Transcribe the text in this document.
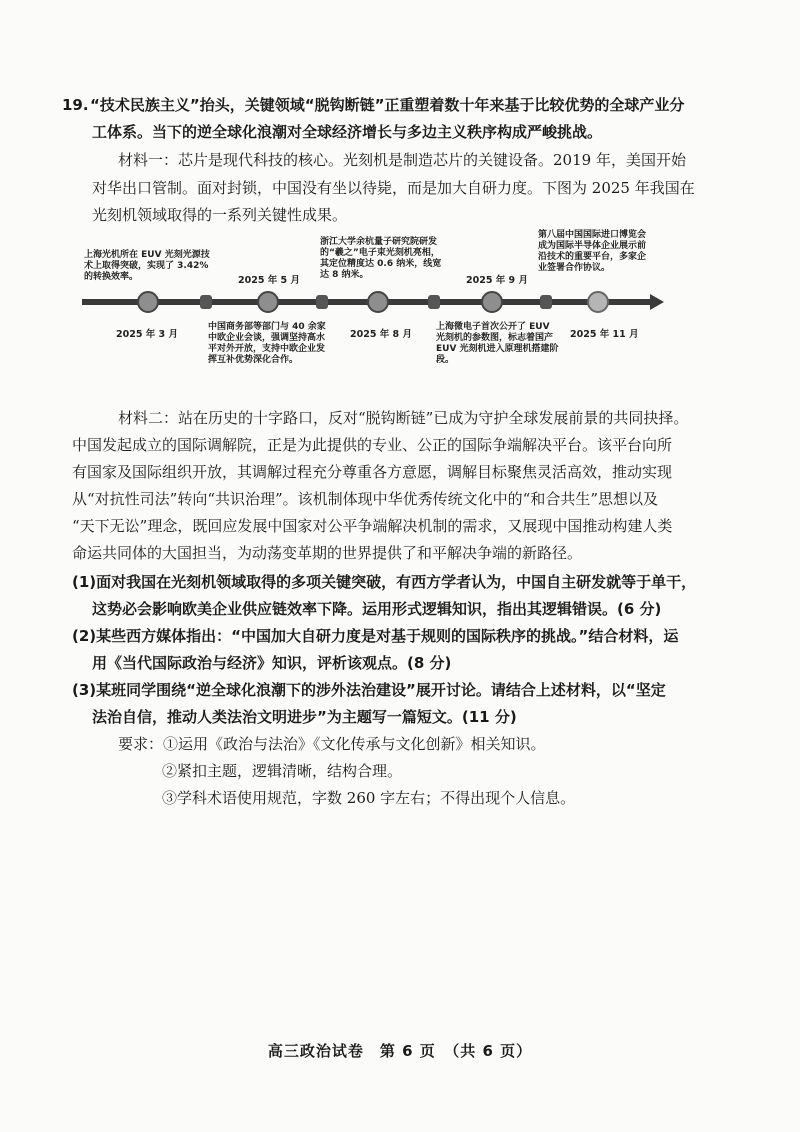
19. “技术民族主义”抬头，关键领域“脱钩断链”正重塑着数十年来基于比较优势的全球产业分
工体系。当下的逆全球化浪潮对全球经济增长与多边主义秩序构成严峻挑战。
材料一：芯片是现代科技的核心。光刻机是制造芯片的关键设备。2019 年，美国开始
对华出口管制。面对封锁，中国没有坐以待毙，而是加大自研力度。下图为 2025 年我国在
光刻机领域取得的一系列关键性成果。
上海光机所在 EUV 光刻光源技术上取得突破，实现了 3.42% 的转换效率。
浙江大学余杭量子研究院研发的“羲之”电子束光刻机亮相，其定位精度达 0.6 纳米，线宽达 8 纳米。
第八届中国国际进口博览会成为国际半导体企业展示前沿技术的重要平台，多家企业签署合作协议。
2025 年 5 月	2025 年 9 月
2025 年 3 月	2025 年 8 月	2025 年 11 月
中国商务部等部门与 40 余家中欧企业会谈，强调坚持高水平对外开放，支持中欧企业发挥互补优势深化合作。
上海微电子首次公开了 EUV 光刻机的参数图，标志着国产 EUV 光刻机进入原理机搭建阶段。
材料二：站在历史的十字路口，反对“脱钩断链”已成为守护全球发展前景的共同抉择。
中国发起成立的国际调解院，正是为此提供的专业、公正的国际争端解决平台。该平台向所
有国家及国际组织开放，其调解过程充分尊重各方意愿，调解目标聚焦灵活高效，推动实现
从“对抗性司法”转向“共识治理”。该机制体现中华优秀传统文化中的“和合共生”思想以及
“天下无讼”理念，既回应发展中国家对公平争端解决机制的需求，又展现中国推动构建人类
命运共同体的大国担当，为动荡变革期的世界提供了和平解决争端的新路径。
(1)面对我国在光刻机领域取得的多项关键突破，有西方学者认为，中国自主研发就等于单干，
这势必会影响欧美企业供应链效率下降。运用形式逻辑知识，指出其逻辑错误。(6 分)
(2)某些西方媒体指出：“中国加大自研力度是对基于规则的国际秩序的挑战。”结合材料，运
用《当代国际政治与经济》知识，评析该观点。(8 分)
(3)某班同学围绕“逆全球化浪潮下的涉外法治建设”展开讨论。请结合上述材料，以“坚定
法治自信，推动人类法治文明进步”为主题写一篇短文。(11 分)
要求：①运用《政治与法治》《文化传承与文化创新》相关知识。
②紧扣主题，逻辑清晰，结构合理。
③学科术语使用规范，字数 260 字左右；不得出现个人信息。
高三政治试卷　第 6 页　（共 6 页）
